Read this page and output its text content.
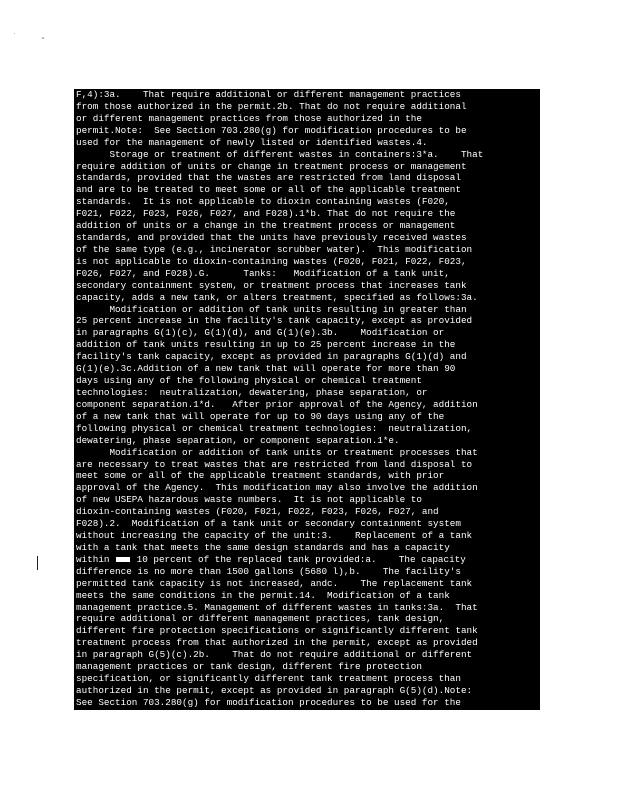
F,4):3a.    That require additional or different management practices
from those authorized in the permit.2b. That do not require additional
or different management practices from those authorized in the
permit.Note:  See Section 703.280(g) for modification procedures to be
used for the management of newly listed or identified wastes.4.
Storage or treatment of different wastes in containers:3*a.    That
require addition of units or change in treatment process or management
standards, provided that the wastes are restricted from land disposal
and are to be treated to meet some or all of the applicable treatment
standards.  It is not applicable to dioxin containing wastes (F020,
F021, F022, F023, F026, F027, and F028).1*b. That do not require the
addition of units or a change in the treatment process or management
standards, and provided that the units have previously received wastes
of the same type (e.g., incinerator scrubber water).  This modification
is not applicable to dioxin-containing wastes (F020, F021, F022, F023,
F026, F027, and F028).G.      Tanks:   Modification of a tank unit,
secondary containment system, or treatment process that increases tank
capacity, adds a new tank, or alters treatment, specified as follows:3a.
Modification or addition of tank units resulting in greater than
25 percent increase in the facility's tank capacity, except as provided
in paragraphs G(1)(c), G(1)(d), and G(1)(e).3b.    Modification or
addition of tank units resulting in up to 25 percent increase in the
facility's tank capacity, except as provided in paragraphs G(1)(d) and
G(1)(e).3c.Addition of a new tank that will operate for more than 90
days using any of the following physical or chemical treatment
technologies:  neutralization, dewatering, phase separation, or
component separation.1*d.   After prior approval of the Agency, addition
of a new tank that will operate for up to 90 days using any of the
following physical or chemical treatment technologies:  neutralization,
dewatering, phase separation, or component separation.1*e.
Modification or addition of tank units or treatment processes that
are necessary to treat wastes that are restricted from land disposal to
meet some or all of the applicable treatment standards, with prior
approval of the Agency.  This modification may also involve the addition
of new USEPA hazardous waste numbers.  It is not applicable to
dioxin-containing wastes (F020, F021, F022, F023, F026, F027, and
F028).2.  Modification of a tank unit or secondary containment system
without increasing the capacity of the unit:3.    Replacement of a tank
with a tank that meets the same design standards and has a capacity
within  10 percent of the replaced tank provided:a.    The capacity
difference is no more than 1500 gallons (5680 l),b.    The facility's
permitted tank capacity is not increased, andc.    The replacement tank
meets the same conditions in the permit.14.  Modification of a tank
management practice.5. Management of different wastes in tanks:3a.  That
require additional or different management practices, tank design,
different fire protection specifications or significantly different tank
treatment process from that authorized in the permit, except as provided
in paragraph G(5)(c).2b.    That do not require additional or different
management practices or tank design, different fire protection
specification, or significantly different tank treatment process than
authorized in the permit, except as provided in paragraph G(5)(d).Note:
See Section 703.280(g) for modification procedures to be used for the
